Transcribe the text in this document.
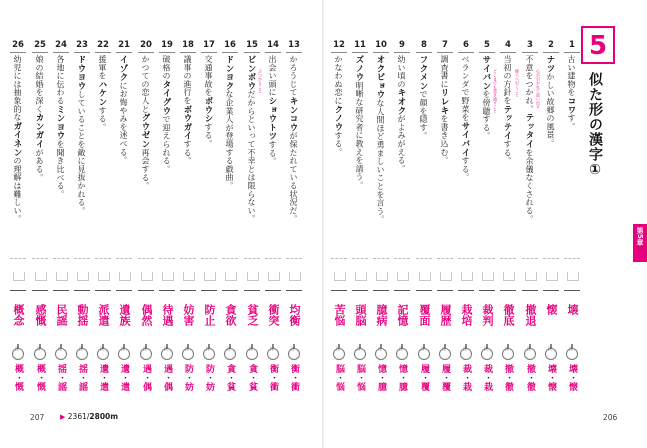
1
古い建物をコワす。
壊
注
壊・懐
2
心が引かれて思い出す
ナツかしい故郷の風景。
懐
注
壊・懐
3
後ろへ引くこと 不意をつかれ、テッタイを余儀なくされる。
撤退
注
撤・徹
4
どこまでも貫き通すこと 当初の方針をテッテイする。
徹底
注
撤・徹
5
サイバンを傍聴する。
裁判
注
裁・栽
6
ベランダで野菜をサイバイする。
栽培
注
裁・栽
7
調査書にリレキを書き込む。
履歴
注
履・覆
8
フクメンで顔を隠す。
覆面
注
履・覆
9
幼い頃のキオクがよみがえる。
記憶
注
憶・臆
10
オクビョウな人間ほど勇ましいことを言う。
臆病
注
憶・臆
11
ズノウ明晰な研究者に教えを請う。
頭脳
注
脳・悩
12
かなわぬ恋にクノウする。
苦悩
注
脳・悩
13
かろうじてキンコウが保たれている状況だ。
均衡
注
衡・衝
14
ぶつかること 出会い頭にショウトツする。
衝突
注
衡・衝
15
ビンボウだからといって不幸とは限らない。
貧乏
注
貪・貧
16
ドンヨクな企業人が登場する戯曲。
貪欲
注
貪・貧
17
交通事故をボウシする。
防止
注
防・妨
18
議事の進行をボウガイする。
妨害
注
防・妨
19
破格のタイグウで迎えられる。
待遇
注
遇・偶
20
かつての恋人とグウゼン再会する。
偶然
注
遇・偶
21
イゾクにお悔やみを述べる。
遺族
注
遺・遣
22
援軍をハケンする。
派遣
注
遺・遣
23
ドウヨウしていることを敵に見抜かれる。
動揺
注
揺・謡
24
各地に伝わるミンヨウを聞き比べる。
民謡
注
揺・謡
25
娘の結婚を深くカンガイがある。
感慨
注
概・慨
26
幼児には抽象的なガイネンの理解は難しい。
概念
注
概・慨
5
似た形の漢字①
第5章
207 ▶ 2361/2800m	206
